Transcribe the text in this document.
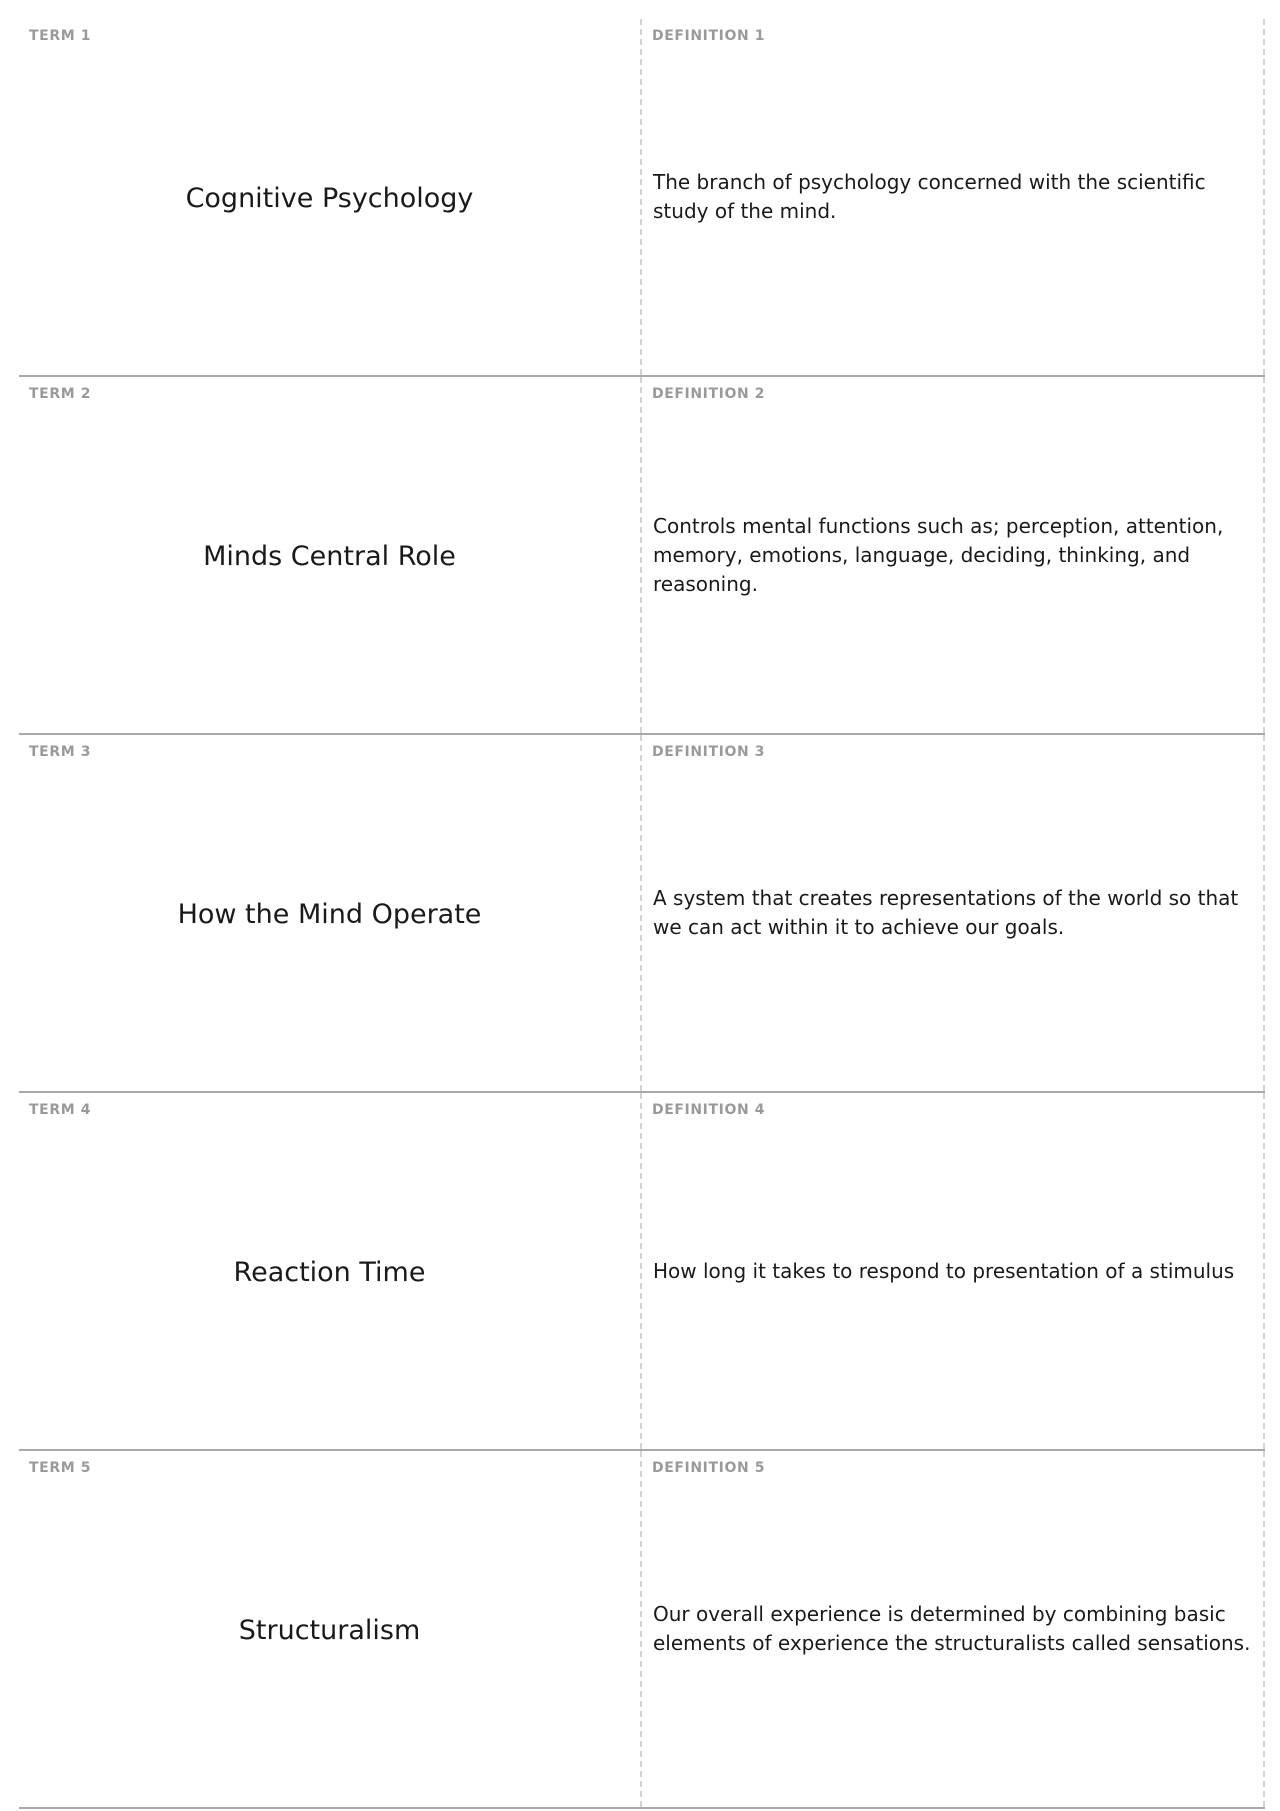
TERM 1
Cognitive Psychology
DEFINITION 1
The branch of psychology concerned with the scientific study of the mind.
TERM 2
Minds Central Role
DEFINITION 2
Controls mental functions such as; perception, attention, memory, emotions, language, deciding, thinking, and reasoning.
TERM 3
How the Mind Operate
DEFINITION 3
A system that creates representations of the world so that we can act within it to achieve our goals.
TERM 4
Reaction Time
DEFINITION 4
How long it takes to respond to presentation of a stimulus
TERM 5
Structuralism
DEFINITION 5
Our overall experience is determined by combining basic elements of experience the structuralists called sensations.
